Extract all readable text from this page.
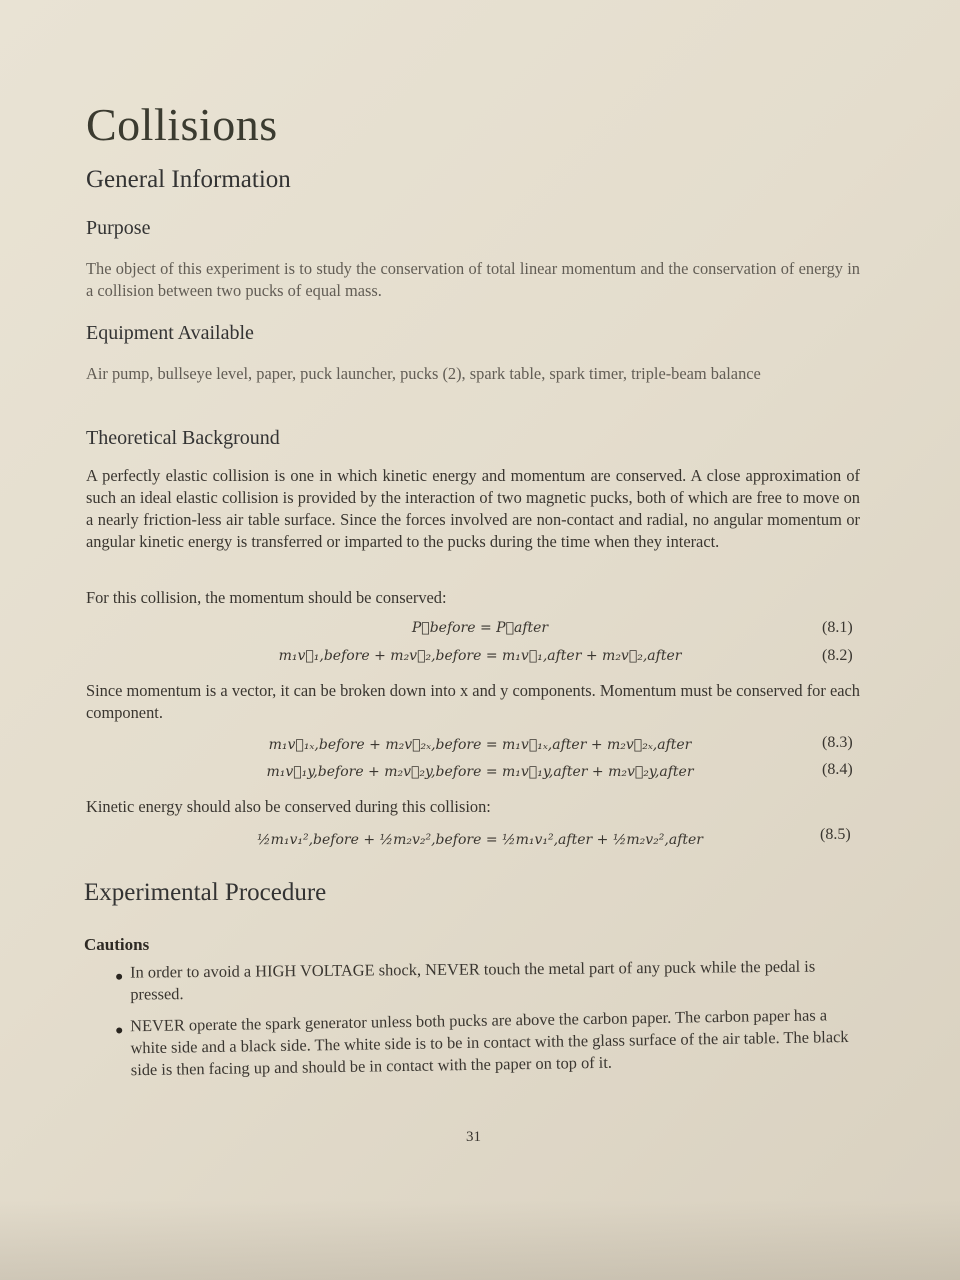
Collisions
General Information
Purpose
The object of this experiment is to study the conservation of total linear momentum and the conservation of energy in a collision between two pucks of equal mass.
Equipment Available
Air pump, bullseye level, paper, puck launcher, pucks (2), spark table, spark timer, triple-beam balance
Theoretical Background
A perfectly elastic collision is one in which kinetic energy and momentum are conserved. A close approximation of such an ideal elastic collision is provided by the interaction of two magnetic pucks, both of which are free to move on a nearly friction-less air table surface. Since the forces involved are non-contact and radial, no angular momentum or angular kinetic energy is transferred or imparted to the pucks during the time when they interact.
For this collision, the momentum should be conserved:
P⃗before = P⃗after	(8.1)
m₁v⃗₁,before + m₂v⃗₂,before = m₁v⃗₁,after + m₂v⃗₂,after	(8.2)
Since momentum is a vector, it can be broken down into x and y components. Momentum must be conserved for each component.
m₁v⃗₁ₓ,before + m₂v⃗₂ₓ,before = m₁v⃗₁ₓ,after + m₂v⃗₂ₓ,after	(8.3)
m₁v⃗₁y,before + m₂v⃗₂y,before = m₁v⃗₁y,after + m₂v⃗₂y,after	(8.4)
Kinetic energy should also be conserved during this collision:
½m₁v₁²,before + ½m₂v₂²,before = ½m₁v₁²,after + ½m₂v₂²,after	(8.5)
Experimental Procedure
Cautions
In order to avoid a HIGH VOLTAGE shock, NEVER touch the metal part of any puck while the pedal is pressed.
NEVER operate the spark generator unless both pucks are above the carbon paper. The carbon paper has a white side and a black side. The white side is to be in contact with the glass surface of the air table. The black side is then facing up and should be in contact with the paper on top of it.
31
